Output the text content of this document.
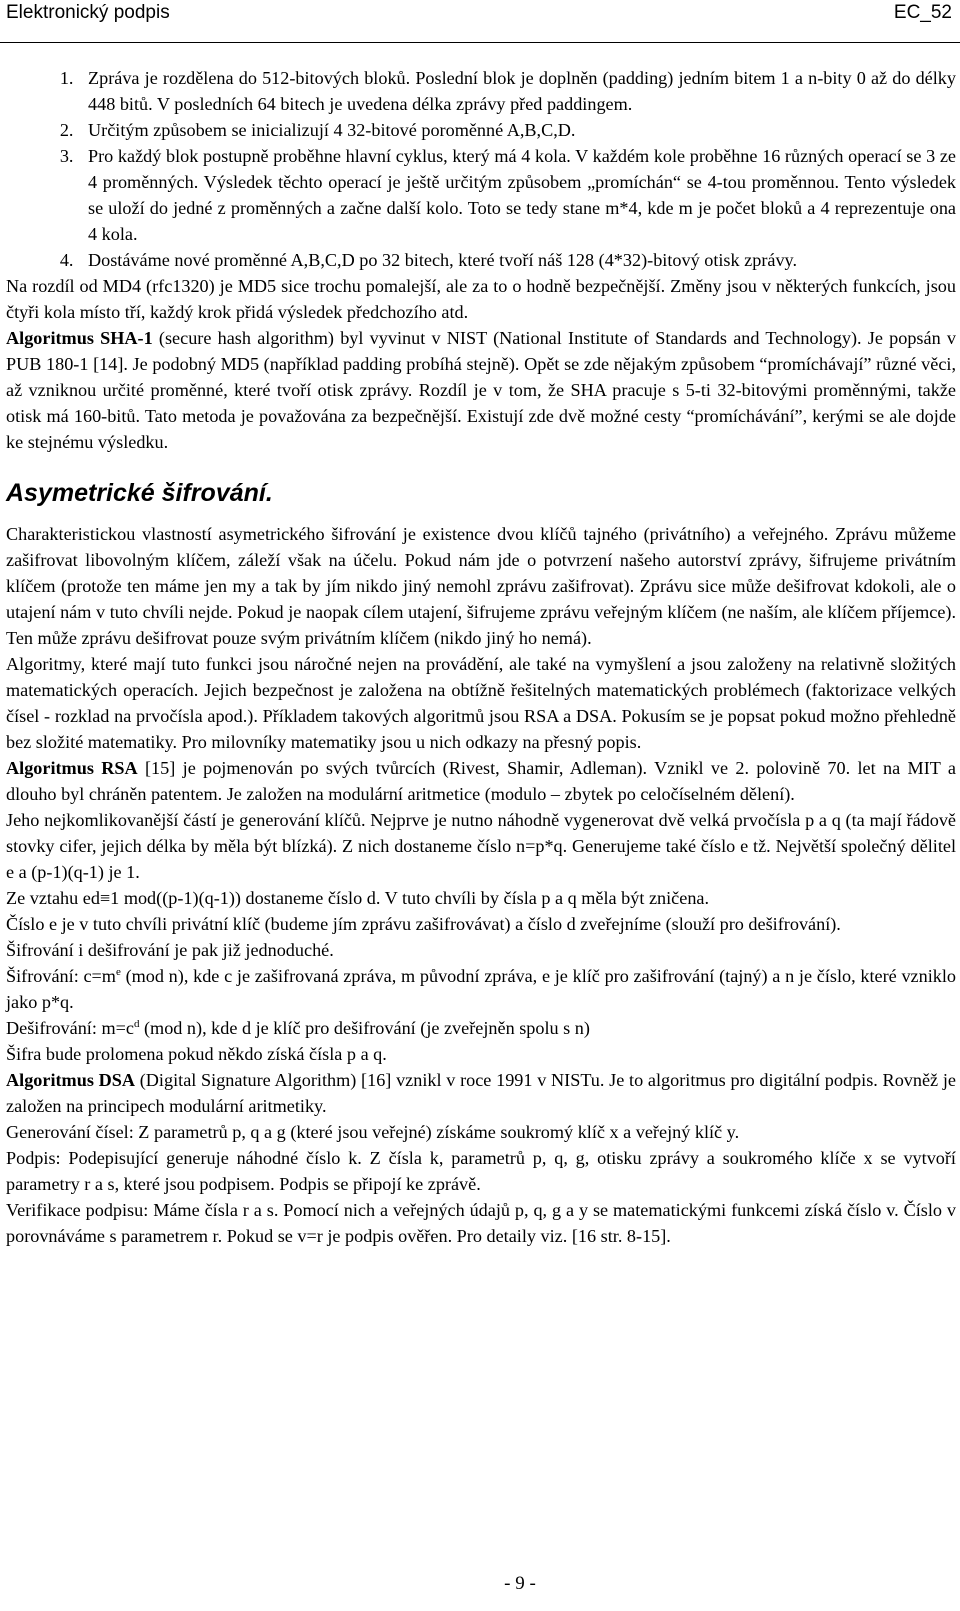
Elektronický podpis	EC_52
1. Zpráva je rozdělena do 512-bitových bloků. Poslední blok je doplněn (padding) jedním bitem 1 a n-bity 0 až do délky 448 bitů. V posledních 64 bitech je uvedena délka zprávy před paddingem.
2. Určitým způsobem se inicializují 4 32-bitové poroměnné A,B,C,D.
3. Pro každý blok postupně proběhne hlavní cyklus, který má 4 kola. V každém kole proběhne 16 různých operací se 3 ze 4 proměnných. Výsledek těchto operací je ještě určitým způsobem „promíchán“ se 4-tou proměnnou. Tento výsledek se uloží do jedné z proměnných a začne další kolo. Toto se tedy stane m*4, kde m je počet bloků a 4 reprezentuje ona 4 kola.
4. Dostáváme nové proměnné A,B,C,D po 32 bitech, které tvoří náš 128 (4*32)-bitový otisk zprávy.

Na rozdíl od MD4 (rfc1320) je MD5 sice trochu pomalejší, ale za to o hodně bezpečnější. Změny jsou v některých funkcích, jsou čtyři kola místo tří, každý krok přidá výsledek předchozího atd.

Algoritmus SHA-1 (secure hash algorithm) byl vyvinut v NIST (National Institute of Standards and Technology). Je popsán v PUB 180-1 [14]. Je podobný MD5 (například padding probíhá stejně). Opět se zde nějakým způsobem “promíchávají” různé věci, až vzniknou určité proměnné, které tvoří otisk zprávy. Rozdíl je v tom, že SHA pracuje s 5-ti 32-bitovými proměnnými, takže otisk má 160-bitů. Tato metoda je považována za bezpečnější. Existují zde dvě možné cesty “promíchávání”, kerými se ale dojde ke stejnému výsledku.

Asymetrické šifrování.

Charakteristickou vlastností asymetrického šifrování je existence dvou klíčů tajného (privátního) a veřejného. Zprávu můžeme zašifrovat libovolným klíčem, záleží však na účelu. Pokud nám jde o potvrzení našeho autorství zprávy, šifrujeme privátním klíčem (protože ten máme jen my a tak by jím nikdo jiný nemohl zprávu zašifrovat). Zprávu sice může dešifrovat kdokoli, ale o utajení nám v tuto chvíli nejde. Pokud je naopak cílem utajení, šifrujeme zprávu veřejným klíčem (ne naším, ale klíčem příjemce). Ten může zprávu dešifrovat pouze svým privátním klíčem (nikdo jiný ho nemá).

Algoritmy, které mají tuto funkci jsou náročné nejen na provádění, ale také na vymyšlení a jsou založeny na relativně složitých matematických operacích. Jejich bezpečnost je založena na obtížně řešitelných matematických problémech (faktorizace velkých čísel - rozklad na prvočísla apod.). Příkladem takových algoritmů jsou RSA a DSA. Pokusím se je popsat pokud možno přehledně bez složité matematiky. Pro milovníky matematiky jsou u nich odkazy na přesný popis.

Algoritmus RSA [15] je pojmenován po svých tvůrcích (Rivest, Shamir, Adleman). Vznikl ve 2. polovině 70. let na MIT a dlouho byl chráněn patentem. Je založen na modulární aritmetice (modulo – zbytek po celočíselném dělení).

Jeho nejkomlikovanější částí je generování klíčů. Nejprve je nutno náhodně vygenerovat dvě velká prvočísla p a q (ta mají řádově stovky cifer, jejich délka by měla být blízká). Z nich dostaneme číslo n=p*q. Generujeme také číslo e tž. Největší společný dělitel e a (p-1)(q-1) je 1.

Ze vztahu ed≡1 mod((p-1)(q-1)) dostaneme číslo d. V tuto chvíli by čísla p a q měla být zničena.

Číslo e je v tuto chvíli privátní klíč (budeme jím zprávu zašifrovávat) a číslo d zveřejníme (slouží pro dešifrování).

Šifrování i dešifrování je pak již jednoduché.

Šifrování: $c=m^e$ (mod n), kde c je zašifrovaná zpráva, m původní zpráva, e je klíč pro zašifrování (tajný) a n je číslo, které vzniklo jako p*q.

Dešifrování: $m=c^d$ (mod n), kde d je klíč pro dešifrování (je zveřejněn spolu s n)

Šifra bude prolomena pokud někdo získá čísla p a q.

Algoritmus DSA (Digital Signature Algorithm) [16] vznikl v roce 1991 v NISTu. Je to algoritmus pro digitální podpis. Rovněž je založen na principech modulární aritmetiky.

Generování čísel: Z parametrů p, q a g (které jsou veřejné) získáme soukromý klíč x a veřejný klíč y.

Podpis: Podepisující generuje náhodné číslo k. Z čísla k, parametrů p, q, g, otisku zprávy a soukromého klíče x se vytvoří parametry r a s, které jsou podpisem. Podpis se připojí ke zprávě.

Verifikace podpisu: Máme čísla r a s. Pomocí nich a veřejných údajů p, q, g a y se matematickými funkcemi získá číslo v. Číslo v porovnáváme s parametrem r. Pokud se v=r je podpis ověřen. Pro detaily viz. [16 str. 8-15].

- 9 -
